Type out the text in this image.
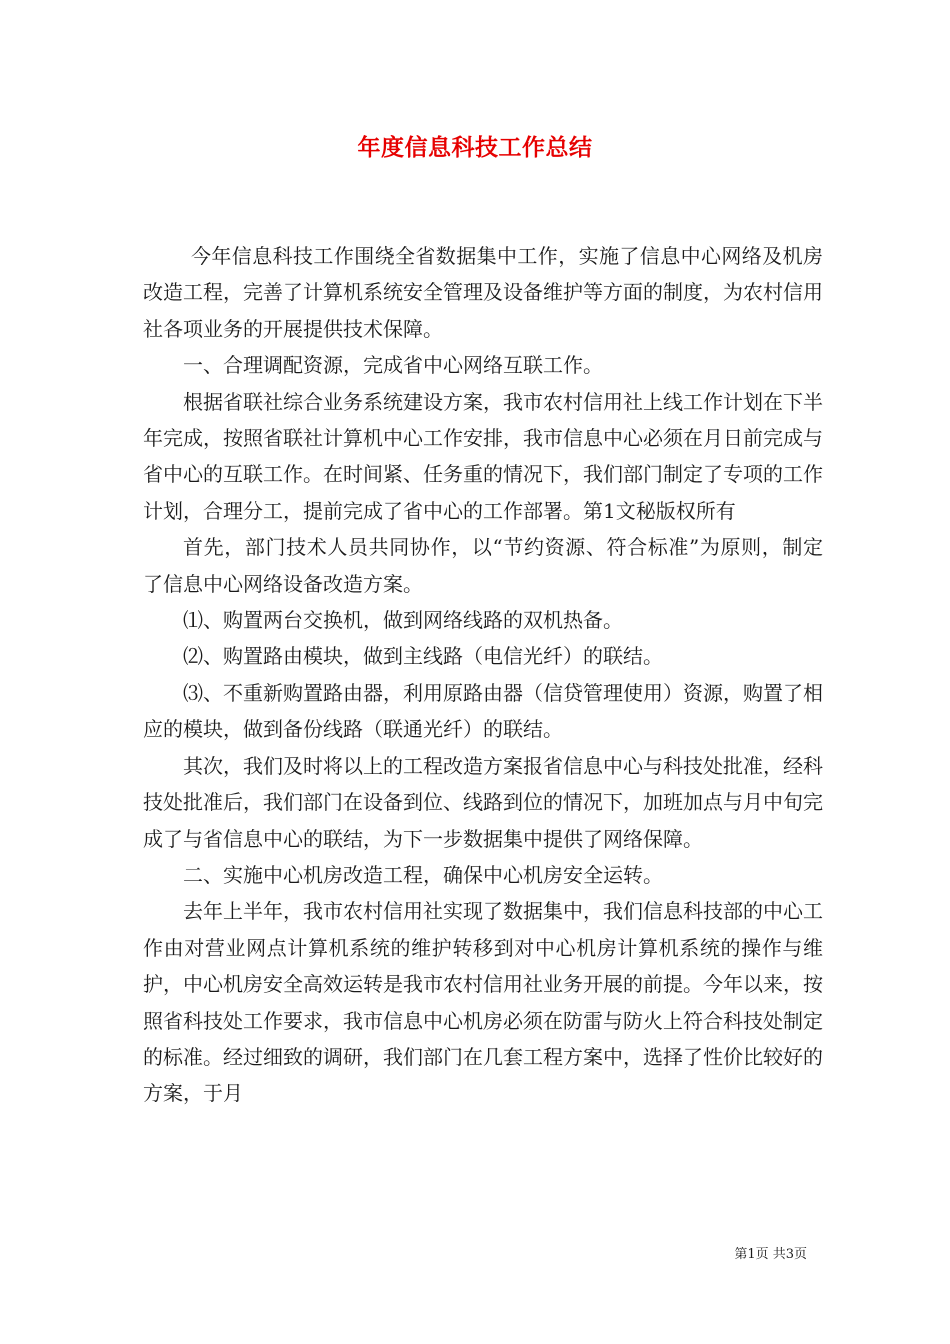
年度信息科技工作总结

今年信息科技工作围绕全省数据集中工作，实施了信息中心网络及机房改造工程，完善了计算机系统安全管理及设备维护等方面的制度，为农村信用社各项业务的开展提供技术保障。

一、合理调配资源，完成省中心网络互联工作。

根据省联社综合业务系统建设方案，我市农村信用社上线工作计划在下半年完成，按照省联社计算机中心工作安排，我市信息中心必须在月日前完成与省中心的互联工作。在时间紧、任务重的情况下，我们部门制定了专项的工作计划，合理分工，提前完成了省中心的工作部署。第1文秘版权所有

首先，部门技术人员共同协作，以“节约资源、符合标准”为原则，制定了信息中心网络设备改造方案。

⑴、购置两台交换机，做到网络线路的双机热备。

⑵、购置路由模块，做到主线路（电信光纤）的联结。

⑶、不重新购置路由器，利用原路由器（信贷管理使用）资源，购置了相应的模块，做到备份线路（联通光纤）的联结。

其次，我们及时将以上的工程改造方案报省信息中心与科技处批准，经科技处批准后，我们部门在设备到位、线路到位的情况下，加班加点与月中旬完成了与省信息中心的联结，为下一步数据集中提供了网络保障。

二、实施中心机房改造工程，确保中心机房安全运转。

去年上半年，我市农村信用社实现了数据集中，我们信息科技部的中心工作由对营业网点计算机系统的维护转移到对中心机房计算机系统的操作与维护，中心机房安全高效运转是我市农村信用社业务开展的前提。今年以来，按照省科技处工作要求，我市信息中心机房必须在防雷与防火上符合科技处制定的标准。经过细致的调研，我们部门在几套工程方案中，选择了性价比较好的方案，于月

第1页 共3页
